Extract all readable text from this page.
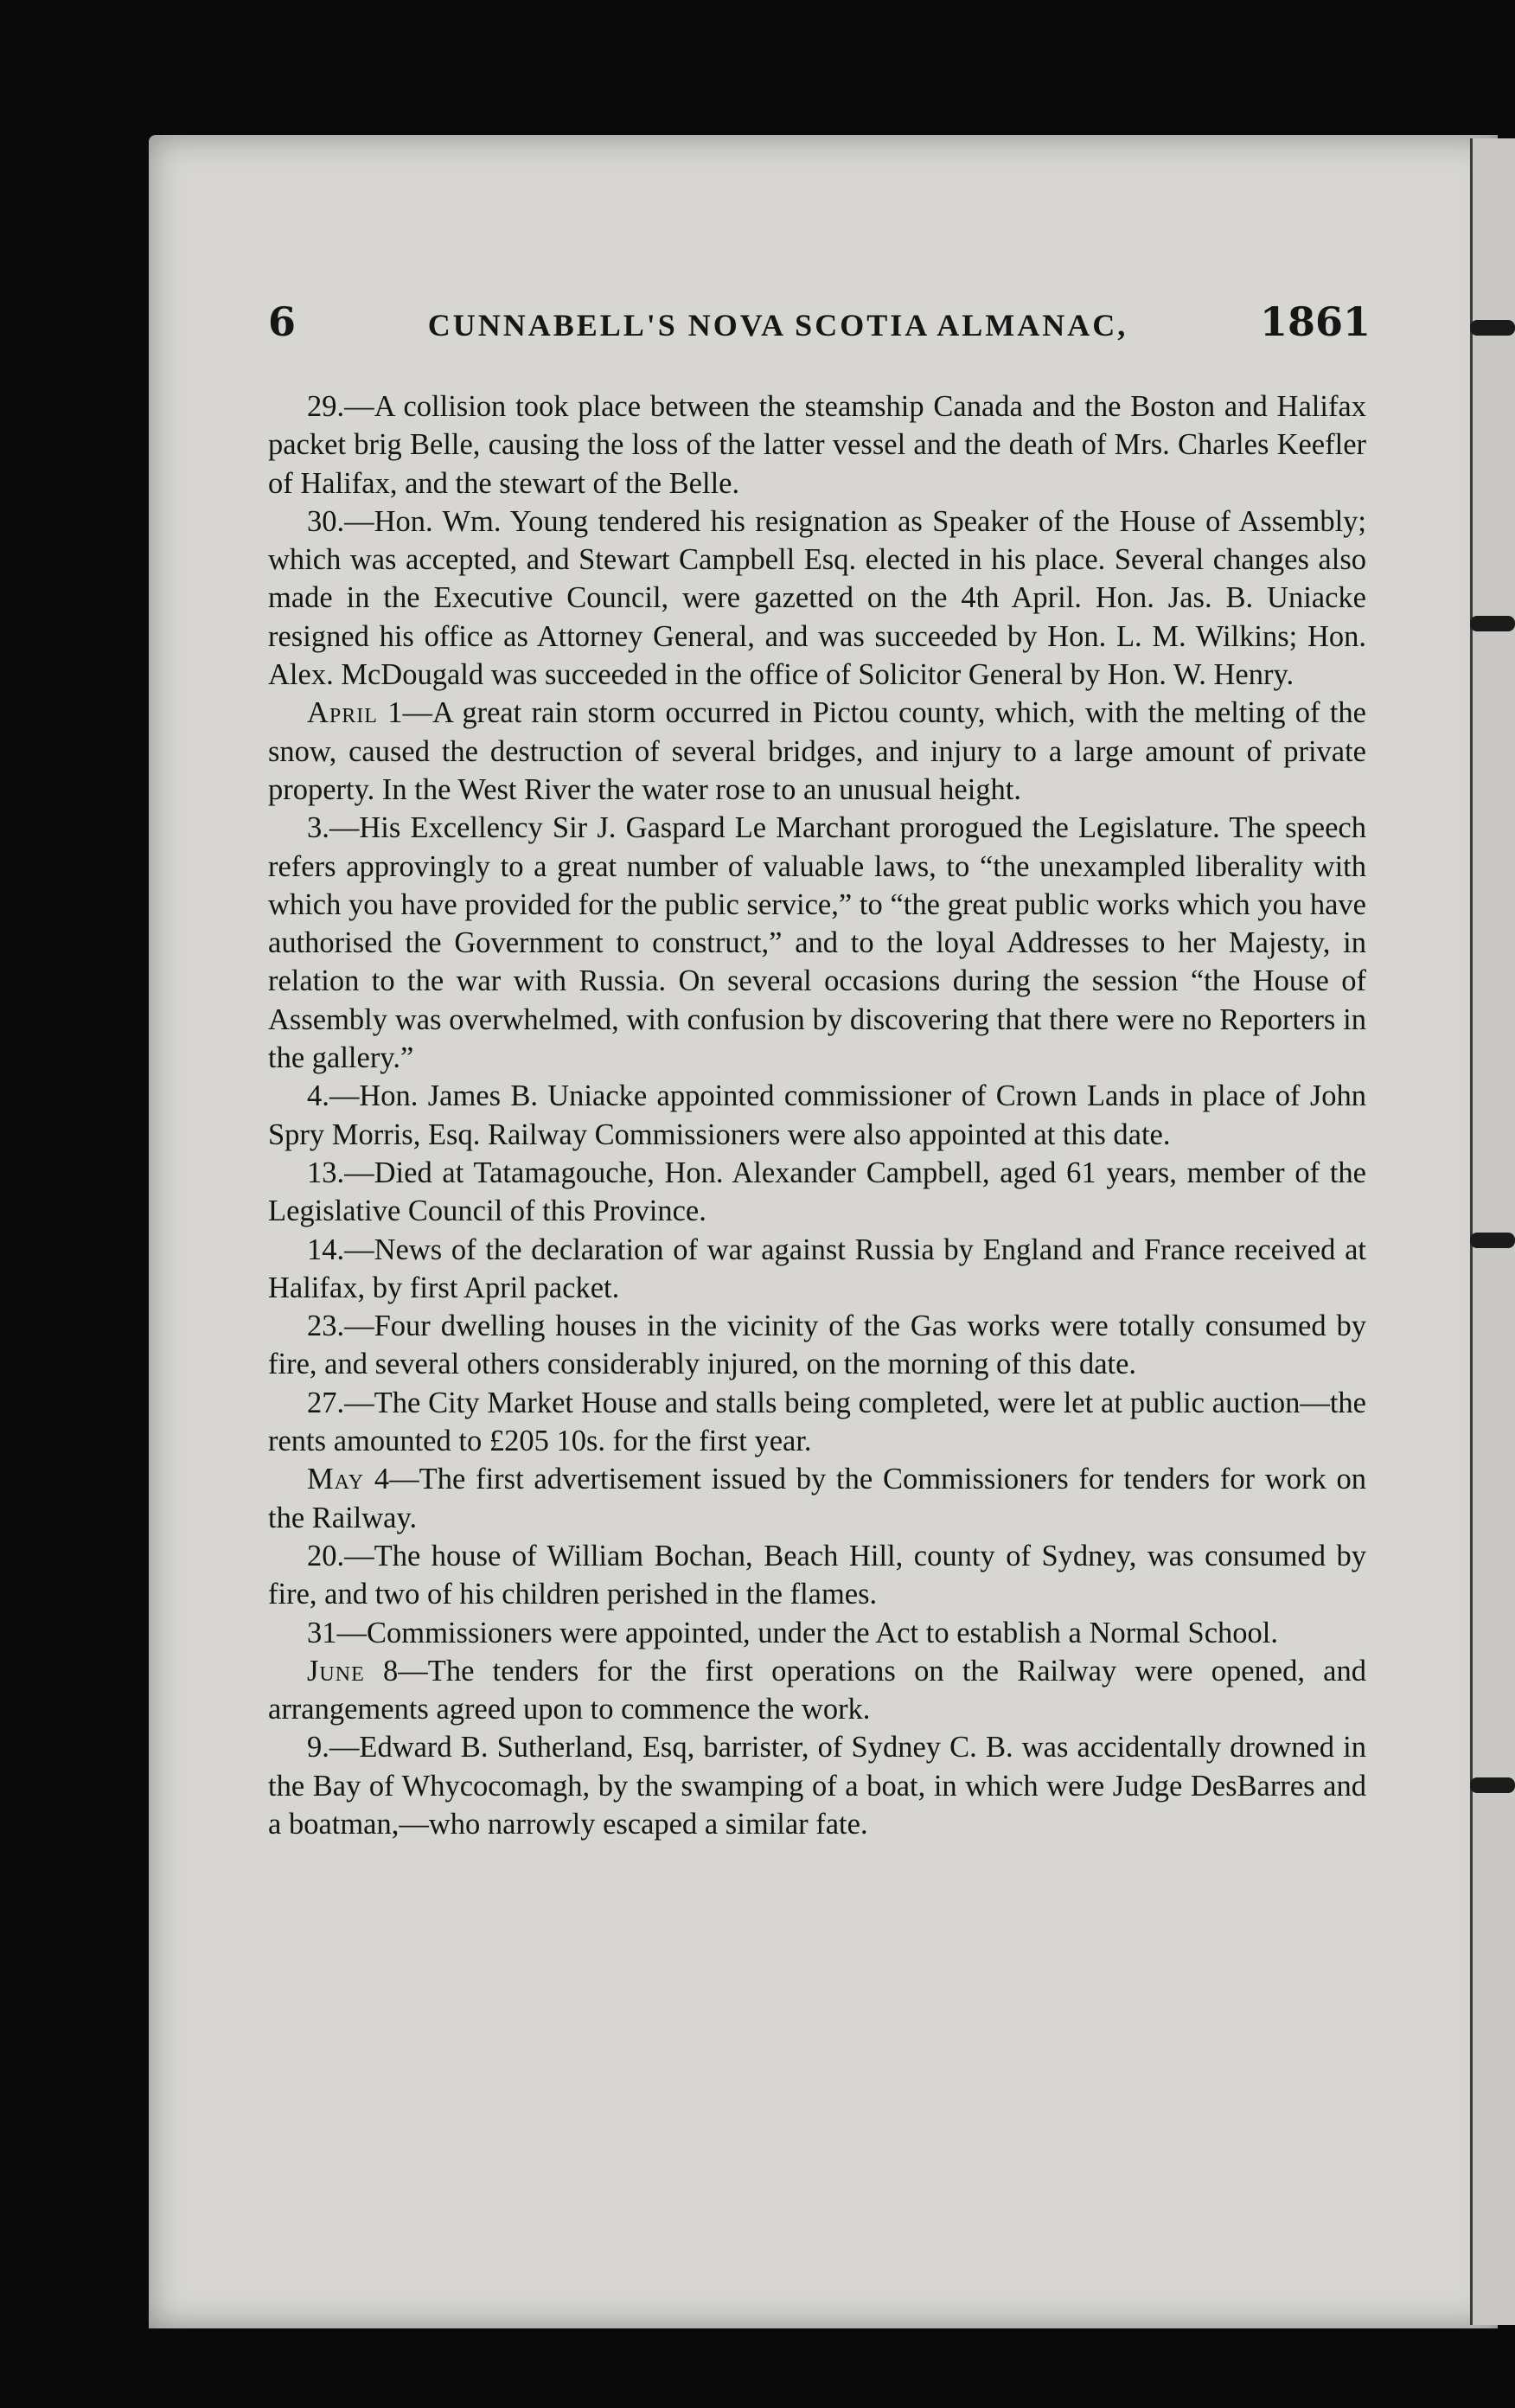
6	CUNNABELL'S NOVA SCOTIA ALMANAC,	1861

29.—A collision took place between the steamship Canada and the Boston and Halifax packet brig Belle, causing the loss of the latter vessel and the death of Mrs. Charles Keefler of Halifax, and the stewart of the Belle.

30.—Hon. Wm. Young tendered his resignation as Speaker of the House of Assembly; which was accepted, and Stewart Campbell Esq. elected in his place. Several changes also made in the Executive Council, were gazetted on the 4th April. Hon. Jas. B. Uniacke resigned his office as Attorney General, and was succeeded by Hon. L. M. Wilkins; Hon. Alex. McDougald was succeeded in the office of Solicitor General by Hon. W. Henry.

April 1—A great rain storm occurred in Pictou county, which, with the melting of the snow, caused the destruction of several bridges, and injury to a large amount of private property. In the West River the water rose to an unusual height.

3.—His Excellency Sir J. Gaspard Le Marchant prorogued the Legislature. The speech refers approvingly to a great number of valuable laws, to “the unexampled liberality with which you have provided for the public service,” to “the great public works which you have authorised the Government to construct,” and to the loyal Addresses to her Majesty, in relation to the war with Russia. On several occasions during the session “the House of Assembly was overwhelmed, with confusion by discovering that there were no Reporters in the gallery.”

4.—Hon. James B. Uniacke appointed commissioner of Crown Lands in place of John Spry Morris, Esq. Railway Commissioners were also appointed at this date.

13.—Died at Tatamagouche, Hon. Alexander Campbell, aged 61 years, member of the Legislative Council of this Province.

14.—News of the declaration of war against Russia by England and France received at Halifax, by first April packet.

23.—Four dwelling houses in the vicinity of the Gas works were totally consumed by fire, and several others considerably injured, on the morning of this date.

27.—The City Market House and stalls being completed, were let at public auction—the rents amounted to £205 10s. for the first year.

May 4—The first advertisement issued by the Commissioners for tenders for work on the Railway.

20.—The house of William Bochan, Beach Hill, county of Sydney, was consumed by fire, and two of his children perished in the flames.

31—Commissioners were appointed, under the Act to establish a Normal School.

June 8—The tenders for the first operations on the Railway were opened, and arrangements agreed upon to commence the work.

9.—Edward B. Sutherland, Esq, barrister, of Sydney C. B. was accidentally drowned in the Bay of Whycocomagh, by the swamping of a boat, in which were Judge DesBarres and a boatman,—who narrowly escaped a similar fate.
